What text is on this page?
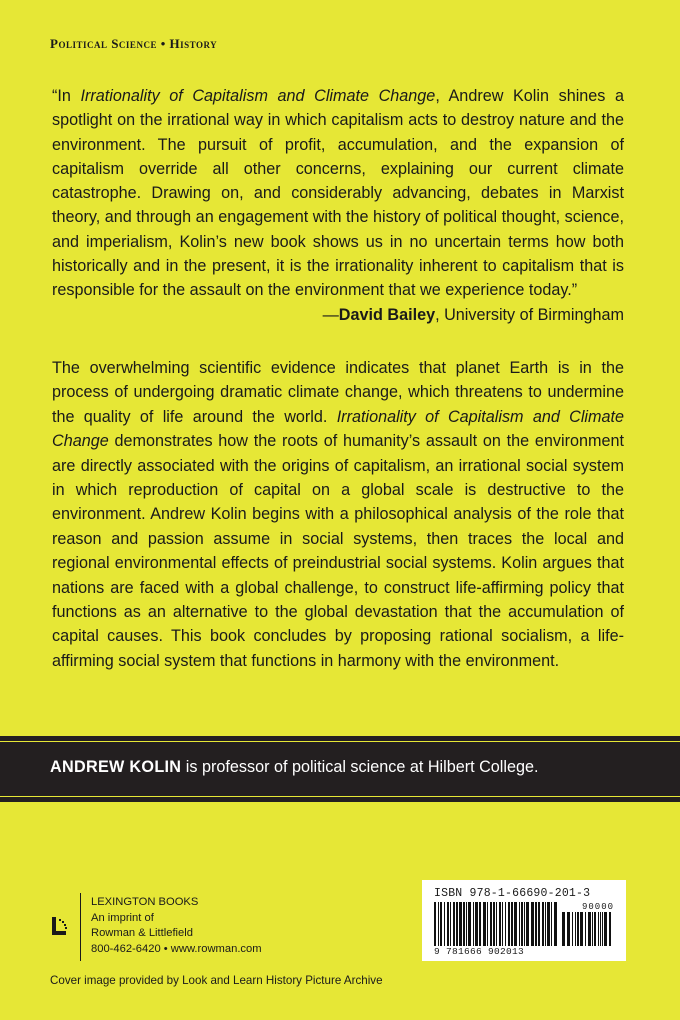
Political Science • History

“In Irrationality of Capitalism and Climate Change, Andrew Kolin shines a spotlight on the irrational way in which capitalism acts to destroy nature and the environment. The pursuit of profit, accumulation, and the expansion of capitalism override all other concerns, explaining our current climate catastrophe. Drawing on, and considerably advancing, debates in Marxist theory, and through an engagement with the history of political thought, science, and imperialism, Kolin’s new book shows us in no uncertain terms how both historically and in the present, it is the irrationality inherent to capitalism that is responsible for the assault on the environment that we experience today.”
—David Bailey, University of Birmingham

The overwhelming scientific evidence indicates that planet Earth is in the process of undergoing dramatic climate change, which threatens to undermine the quality of life around the world. Irrationality of Capitalism and Climate Change demonstrates how the roots of humanity’s assault on the environment are directly associated with the origins of capitalism, an irrational social system in which reproduction of capital on a global scale is destructive to the environment. Andrew Kolin begins with a philosophical analysis of the role that reason and passion assume in social systems, then traces the local and regional environmental effects of preindustrial social systems. Kolin argues that nations are faced with a global challenge, to construct life-affirming policy that functions as an alternative to the global devastation that the accumulation of capital causes. This book concludes by proposing rational socialism, a life-affirming social system that functions in harmony with the environment.

ANDREW KOLIN is professor of political science at Hilbert College.
LEXINGTON BOOKS
An imprint of
Rowman & Littlefield
800-462-6420 • www.rowman.com
ISBN 978-1-66690-201-3
90000
9 781666 902013
Cover image provided by Look and Learn History Picture Archive
